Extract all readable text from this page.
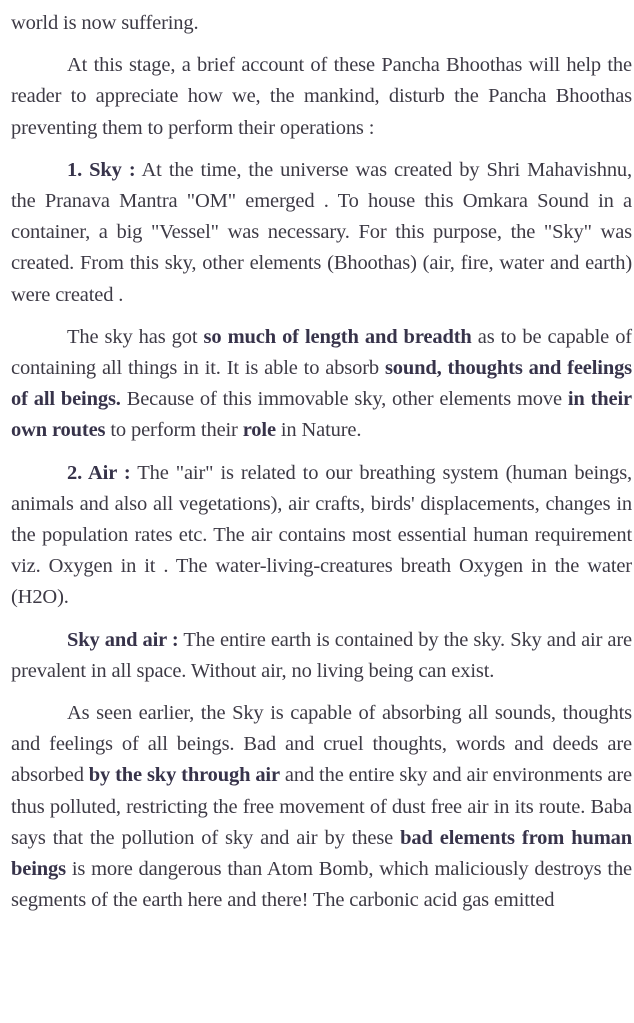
world is now suffering.

At this stage, a brief account of these Pancha Bhoothas will help the reader to appreciate how we, the mankind, disturb the Pancha Bhoothas preventing them to perform their operations :

1. Sky : At the time, the universe was created by Shri Mahavishnu, the Pranava Mantra "OM" emerged . To house this Omkara Sound in a container, a big "Vessel" was necessary. For this purpose, the "Sky" was created. From this sky, other elements (Bhoothas) (air, fire, water and earth) were created .

The sky has got so much of length and breadth as to be capable of containing all things in it. It is able to absorb sound, thoughts and feelings of all beings. Because of this immovable sky, other elements move in their own routes to perform their role in Nature.

2. Air : The "air" is related to our breathing system (human beings, animals and also all vegetations), air crafts, birds' displacements, changes in the population rates etc. The air contains most essential human requirement viz. Oxygen in it . The water-living-creatures breath Oxygen in the water (H2O).

Sky and air : The entire earth is contained by the sky. Sky and air are prevalent in all space. Without air, no living being can exist.

As seen earlier, the Sky is capable of absorbing all sounds, thoughts and feelings of all beings. Bad and cruel thoughts, words and deeds are absorbed by the sky through air and the entire sky and air environments are thus polluted, restricting the free movement of dust free air in its route. Baba says that the pollution of sky and air by these bad elements from human beings is more dangerous than Atom Bomb, which maliciously destroys the segments of the earth here and there! The carbonic acid gas emitted
